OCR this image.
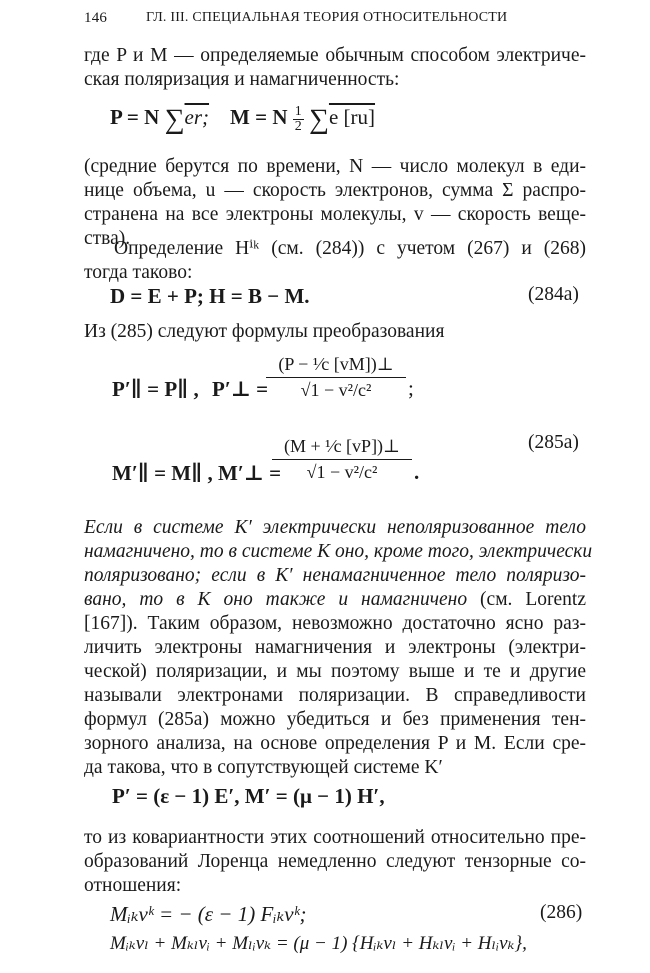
146	ГЛ. III. СПЕЦИАЛЬНАЯ ТЕОРИЯ ОТНОСИТЕЛЬНОСТИ
где P и M — определяемые обычным способом электриче-
ская поляризация и намагниченность:
P = N ∑er; M = N $\frac{1}{2} \sum e$ [ru]
(средние берутся по времени, N — число молекул в еди-
нице объема, u — скорость электронов, сумма Σ распро-
странена на все электроны молекулы, v — скорость веще-
ства).
Определение Hⁱᵏ (см. (284)) с учетом (267) и (268)
тогда таково:
D = E + P; H = B − M.	(284a)
Из (285) следуют формулы преобразования
P′∥ = P∥ , P′⊥ =
$\frac{\text{(P − ¹⁄c [vM])⊥}}{\text{√1 − v²/c²}}$ ;
(285a)
M′∥ = M∥ , M′⊥ =
$\frac{\text{(M + ¹⁄c [vP])⊥}}{\text{√1 − v²/c²}}$ .
Если в системе K′ электрически неполяризованное тело
намагничено, то в системе K оно, кроме того, электрически
поляризовано; если в K′ ненамагниченное тело поляризо-
вано, то в K оно также и намагничено (см. Lorentz
[167]). Таким образом, невозможно достаточно ясно раз-
личить электроны намагничения и электроны (электри-
ческой) поляризации, и мы поэтому выше и те и другие
называли электронами поляризации. В справедливости
формул (285a) можно убедиться и без применения тен-
зорного анализа, на основе определения P и M. Если сре-
да такова, что в сопутствующей системе K′
P′ = (ε − 1) E′, M′ = (μ − 1) H′,
то из ковариантности этих соотношений относительно пре-
образований Лоренца немедленно следуют тензорные со-
отношения:
Mᵢₖvᵏ = − (ε − 1) Fᵢₖvᵏ;	(286)
Mᵢₖvₗ + Mₖₗvᵢ + Mₗᵢvₖ = (μ − 1) {Hᵢₖvₗ + Hₖₗvᵢ + Hₗᵢvₖ},
